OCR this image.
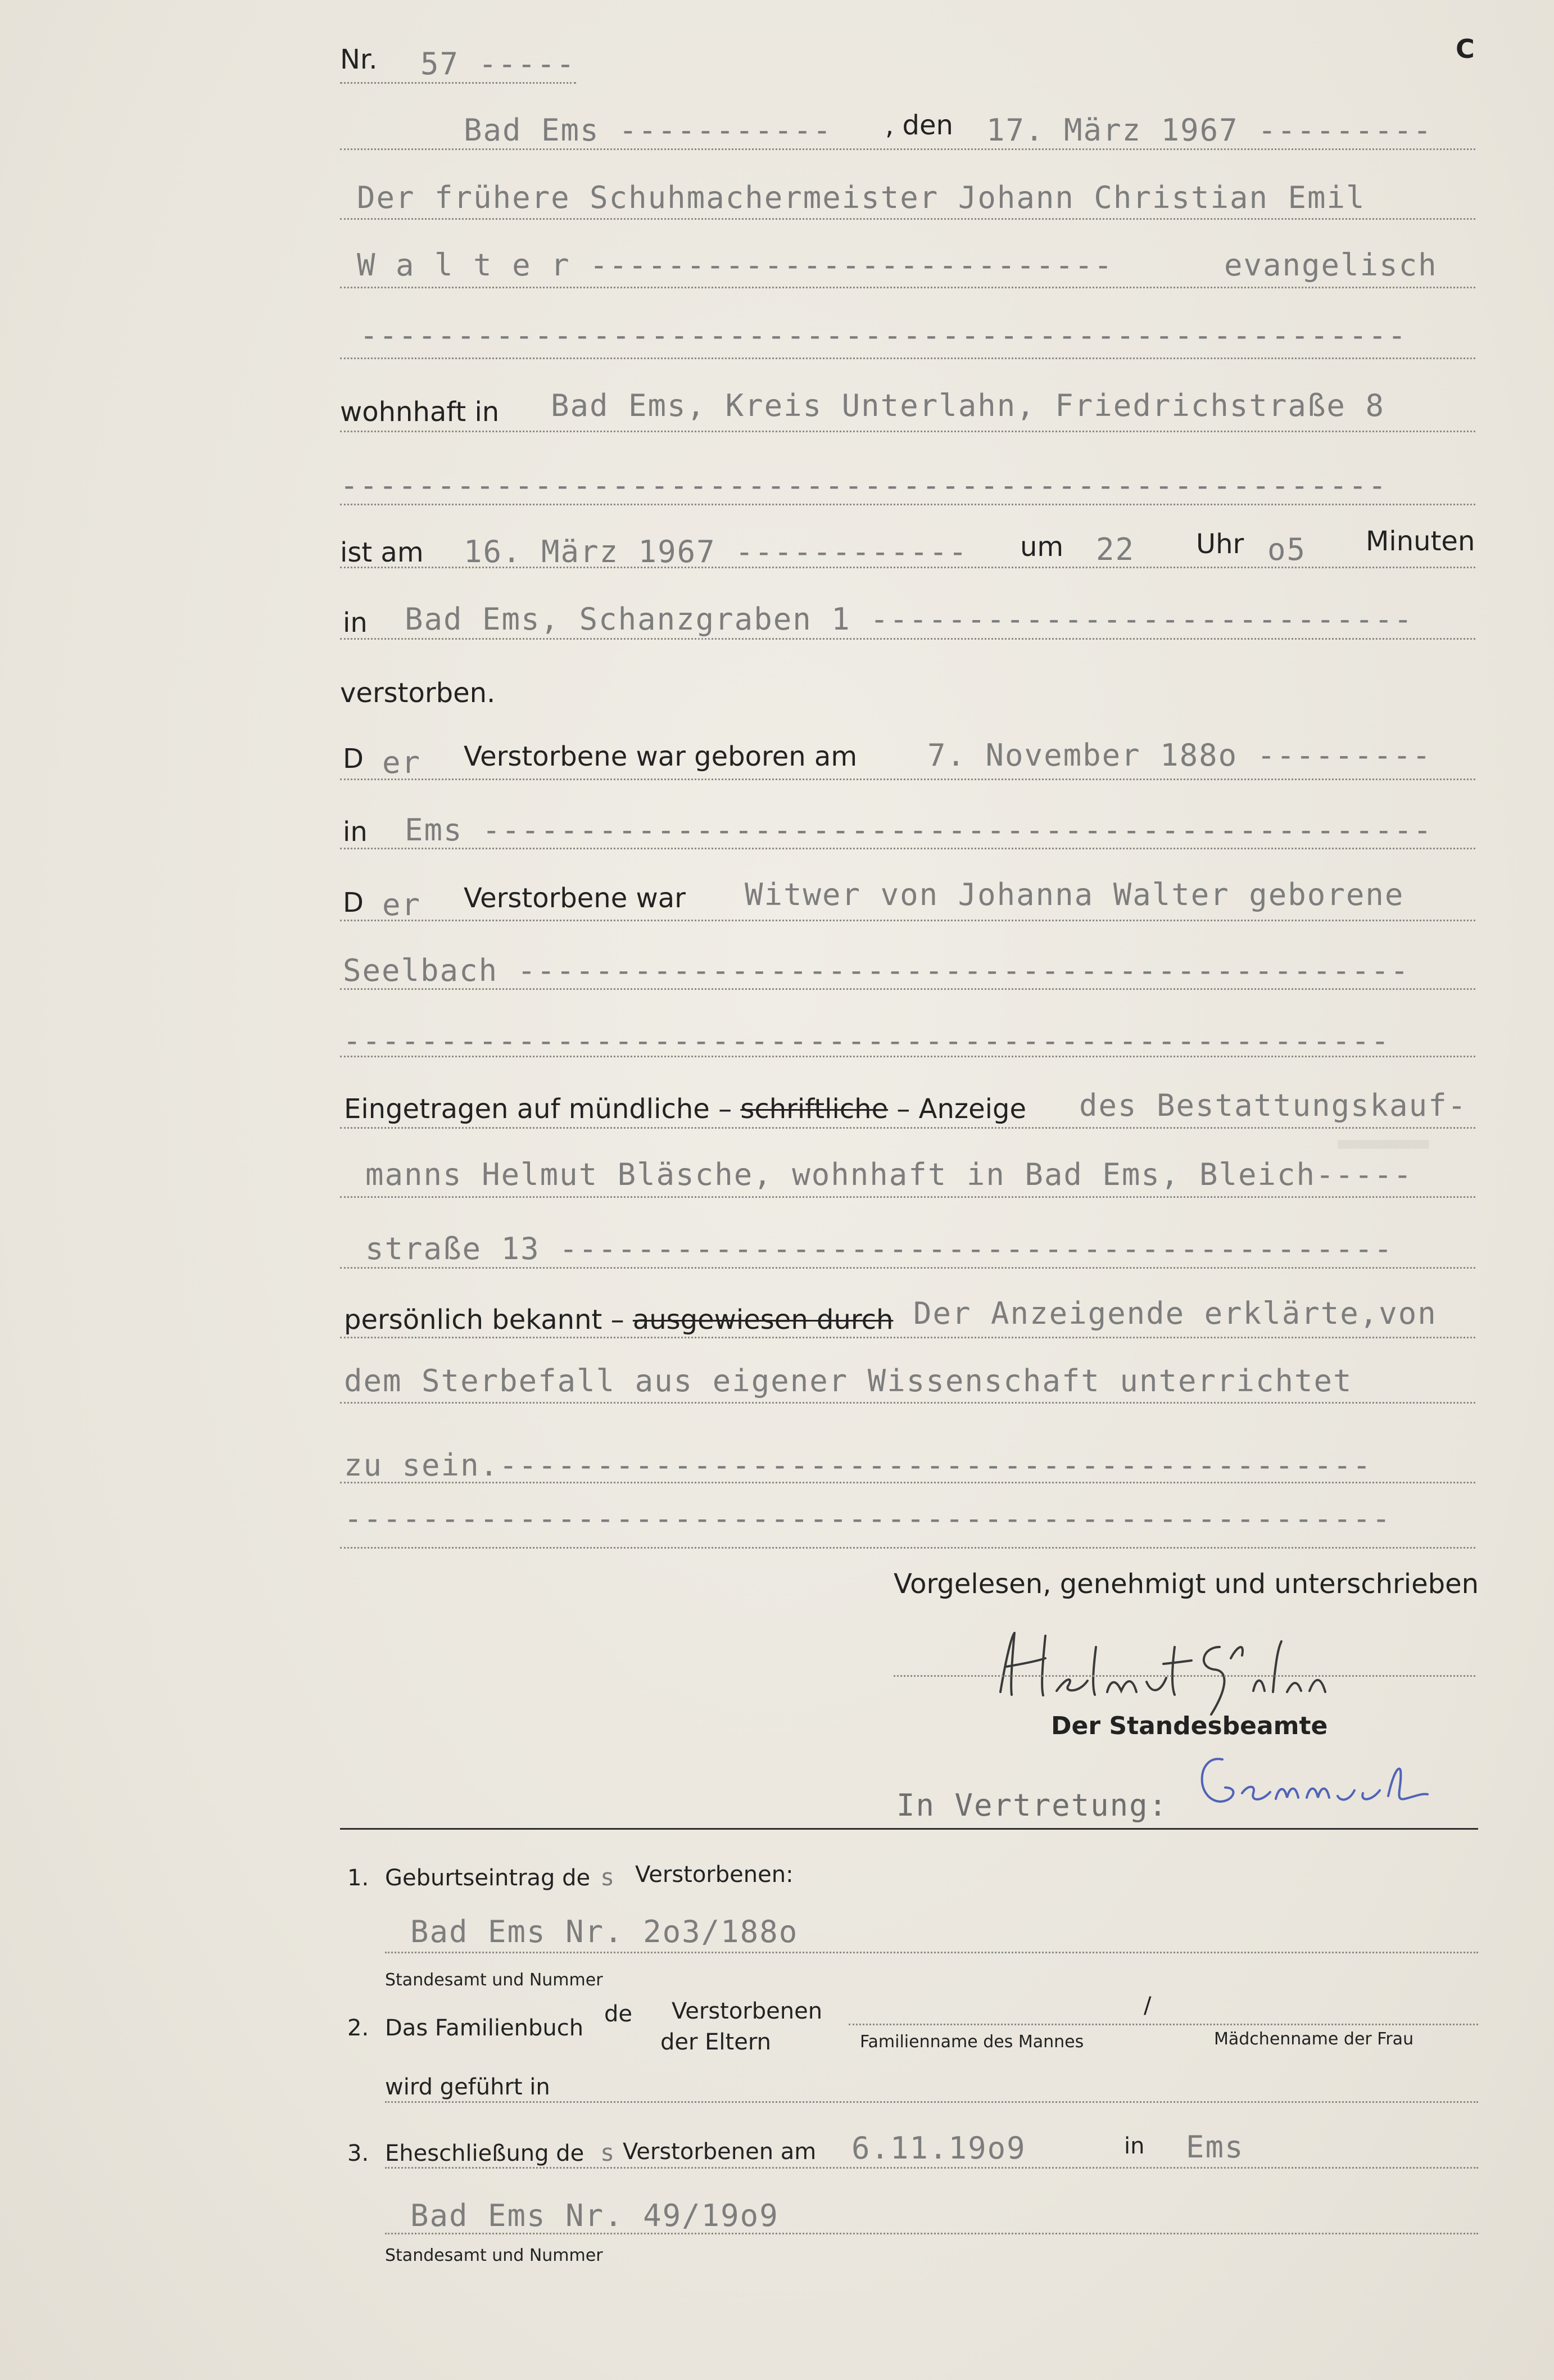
▬▬▬▬▬
Nr. 57 -----	C
Bad Ems ----------- , den 17. März 1967 ---------
Der frühere Schuhmachermeister Johann Christian Emil
W a l t e r ---------------------------	evangelisch
------------------------------------------------------
wohnhaft in Bad Ems, Kreis Unterlahn, Friedrichstraße 8
------------------------------------------------------
ist am 16. März 1967 ------------ um 22 Uhr o5 Minuten
in Bad Ems, Schanzgraben 1 ----------------------------
verstorben.
D er Verstorbene war geboren am 7. November 188o ---------
in Ems -------------------------------------------------
D er Verstorbene war Witwer von Johanna Walter geborene
Seelbach ----------------------------------------------
------------------------------------------------------
Eingetragen auf mündliche – schriftliche – Anzeige des Bestattungskauf-
manns Helmut Bläsche, wohnhaft in Bad Ems, Bleich-----
straße 13 -------------------------------------------
persönlich bekannt – ausgewiesen durch Der Anzeigende erklärte,von
dem Sterbefall aus eigener Wissenschaft unterrichtet
zu sein.---------------------------------------------
------------------------------------------------------
Vorgelesen, genehmigt und unterschrieben
Der Standesbeamte
In Vertretung:
1. Geburtseintrag de s Verstorbenen:
Bad Ems Nr. 2o3/188o
Standesamt und Nummer
2. Das Familienbuch
de Verstorbenen
der Eltern
/
Familienname des Mannes	Mädchenname der Frau
wird geführt in
3. Eheschließung de s Verstorbenen am 6.11.19o9	in Ems
Bad Ems Nr. 49/19o9
Standesamt und Nummer
